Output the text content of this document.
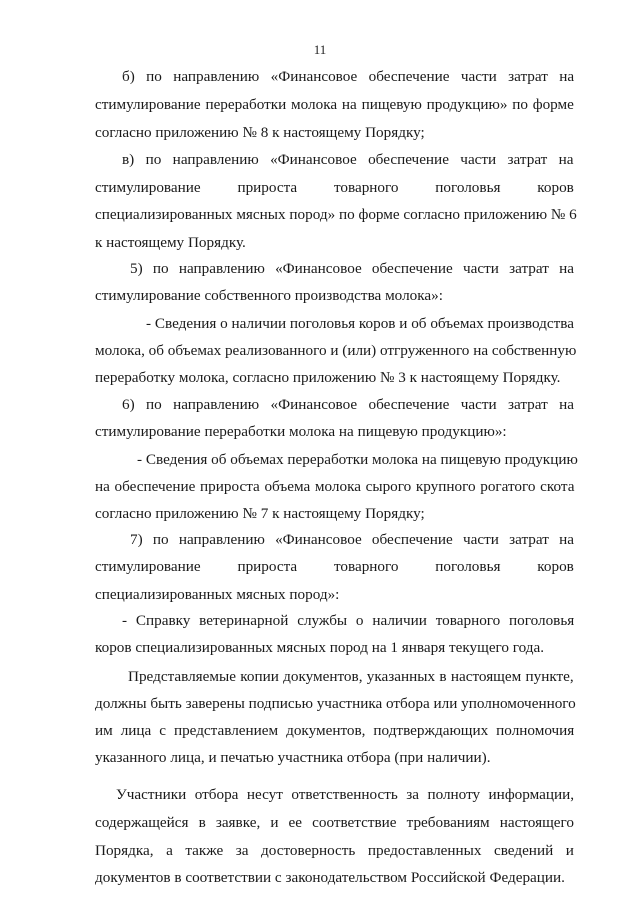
11
б) по направлению «Финансовое обеспечение части затрат на
стимулирование переработки молока на пищевую продукцию» по форме
согласно приложению № 8 к настоящему Порядку;
в) по направлению «Финансовое обеспечение части затрат на
стимулирование прироста товарного поголовья коров
специализированных мясных пород» по форме согласно приложению № 6
к настоящему Порядку.
5) по направлению «Финансовое обеспечение части затрат на
стимулирование собственного производства молока»:
- Сведения о наличии поголовья коров и об объемах производства
молока, об объемах реализованного и (или) отгруженного на собственную
переработку молока, согласно приложению № 3 к настоящему Порядку.
6) по направлению «Финансовое обеспечение части затрат на
стимулирование переработки молока на пищевую продукцию»:
- Сведения об объемах переработки молока на пищевую продукцию
на обеспечение прироста объема молока сырого крупного рогатого скота
согласно приложению № 7 к настоящему Порядку;
7) по направлению «Финансовое обеспечение части затрат на
стимулирование прироста товарного поголовья коров
специализированных мясных пород»:
- Справку ветеринарной службы о наличии товарного поголовья
коров специализированных мясных пород на 1 января текущего года.
Представляемые копии документов, указанных в настоящем пункте,
должны быть заверены подписью участника отбора или уполномоченного
им лица с представлением документов, подтверждающих полномочия
указанного лица, и печатью участника отбора (при наличии).
Участники отбора несут ответственность за полноту информации,
содержащейся в заявке, и ее соответствие требованиям настоящего
Порядка, а также за достоверность предоставленных сведений и
документов в соответствии с законодательством Российской Федерации.
